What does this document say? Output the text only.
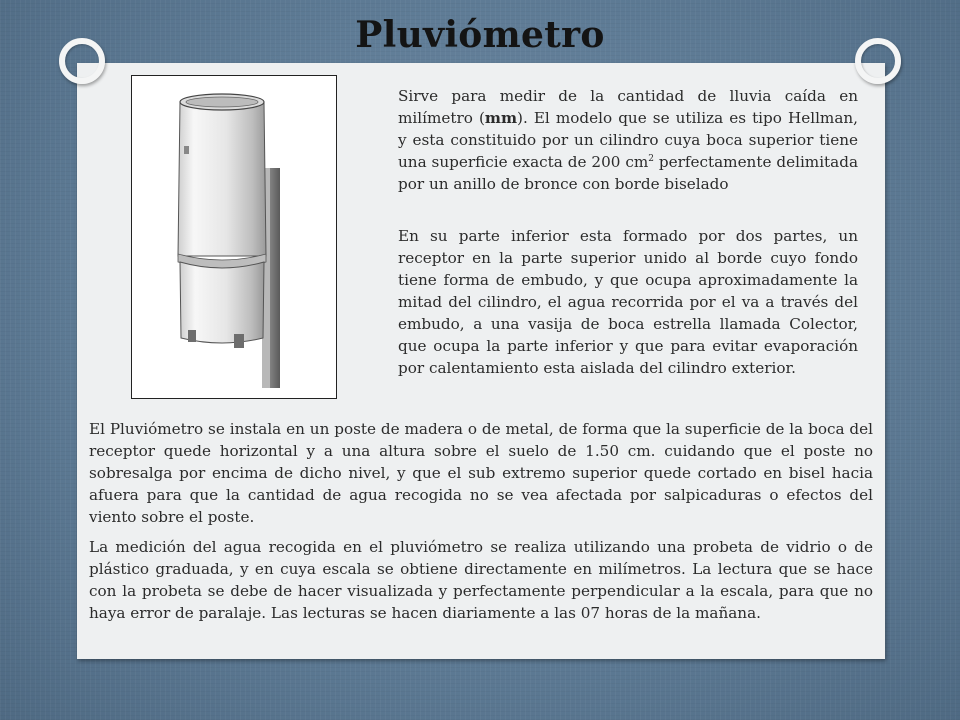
Pluviómetro

Sirve para medir de la cantidad de lluvia caída en milímetro (mm). El modelo que se utiliza es tipo Hellman, y esta constituido por un cilindro cuya boca superior tiene una superficie exacta de 200 $cm^2$ perfectamente delimitada por un anillo de bronce con borde biselado

En su parte inferior esta formado por dos partes, un receptor en la parte superior unido al borde cuyo fondo tiene forma de embudo, y que ocupa aproximadamente la mitad del cilindro, el agua recorrida por el va a través del embudo, a una vasija de boca estrella llamada Colector, que ocupa la parte inferior y que para evitar evaporación por calentamiento esta aislada del cilindro exterior.

El Pluviómetro se instala en un poste de madera o de metal, de forma que la superficie de la boca del receptor quede horizontal y a una altura sobre el suelo de 1.50 cm. cuidando que el poste no sobresalga por encima de dicho nivel, y que el sub extremo superior quede cortado en bisel hacia afuera para que la cantidad de agua recogida no se vea afectada por salpicaduras o efectos del viento sobre el poste.

La medición del agua recogida en el pluviómetro se realiza utilizando una probeta de vidrio o de plástico graduada, y en cuya escala se obtiene directamente en milímetros. La lectura que se hace con la probeta se debe de hacer visualizada y perfectamente perpendicular a la escala, para que no haya error de paralaje. Las lecturas se hacen diariamente a las 07 horas de la mañana.
